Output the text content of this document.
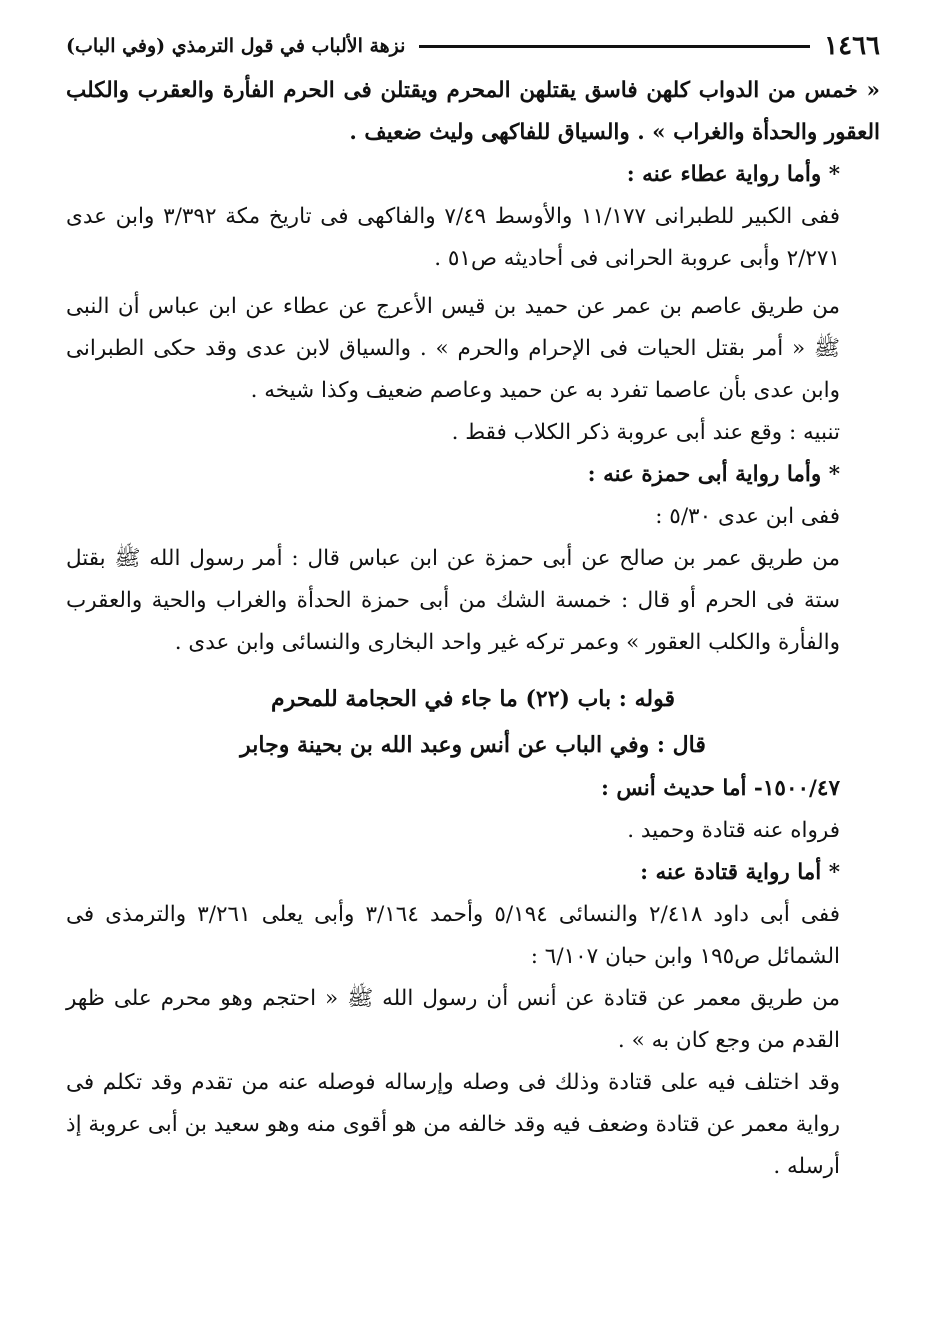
١٤٦٦
نزهة الألباب في قول الترمذي (وفي الباب)

« خمس من الدواب كلهن فاسق يقتلهن المحرم ويقتلن فى الحرم الفأرة والعقرب والكلب العقور والحدأة والغراب » . والسياق للفاكهى وليث ضعيف .

* وأما رواية عطاء عنه :

ففى الكبير للطبرانى ١١/١٧٧ والأوسط ٧/٤٩ والفاكهى فى تاريخ مكة ٣/٣٩٢ وابن عدى ٢/٢٧١ وأبى عروبة الحرانى فى أحاديثه ص٥١ .

من طريق عاصم بن عمر عن حميد بن قيس الأعرج عن عطاء عن ابن عباس أن النبى ﷺ « أمر بقتل الحيات فى الإحرام والحرم » . والسياق لابن عدى وقد حكى الطبرانى وابن عدى بأن عاصما تفرد به عن حميد وعاصم ضعيف وكذا شيخه .

تنبيه : وقع عند أبى عروبة ذكر الكلاب فقط .

* وأما رواية أبى حمزة عنه :

ففى ابن عدى ٥/٣٠ :

من طريق عمر بن صالح عن أبى حمزة عن ابن عباس قال : أمر رسول الله ﷺ بقتل ستة فى الحرم أو قال : خمسة الشك من أبى حمزة الحدأة والغراب والحية والعقرب والفأرة والكلب العقور » وعمر تركه غير واحد البخارى والنسائى وابن عدى .

قوله : باب (٢٢) ما جاء في الحجامة للمحرم

قال : وفي الباب عن أنس وعبد الله بن بحينة وجابر

١٥٠٠/٤٧- أما حديث أنس :

فرواه عنه قتادة وحميد .

* أما رواية قتادة عنه :

ففى أبى داود ٢/٤١٨ والنسائى ٥/١٩٤ وأحمد ٣/١٦٤ وأبى يعلى ٣/٢٦١ والترمذى فى الشمائل ص١٩٥ وابن حبان ٦/١٠٧ :

من طريق معمر عن قتادة عن أنس أن رسول الله ﷺ « احتجم وهو محرم على ظهر القدم من وجع كان به » .

وقد اختلف فيه على قتادة وذلك فى وصله وإرساله فوصله عنه من تقدم وقد تكلم فى رواية معمر عن قتادة وضعف فيه وقد خالفه من هو أقوى منه وهو سعيد بن أبى عروبة إذ أرسله .
